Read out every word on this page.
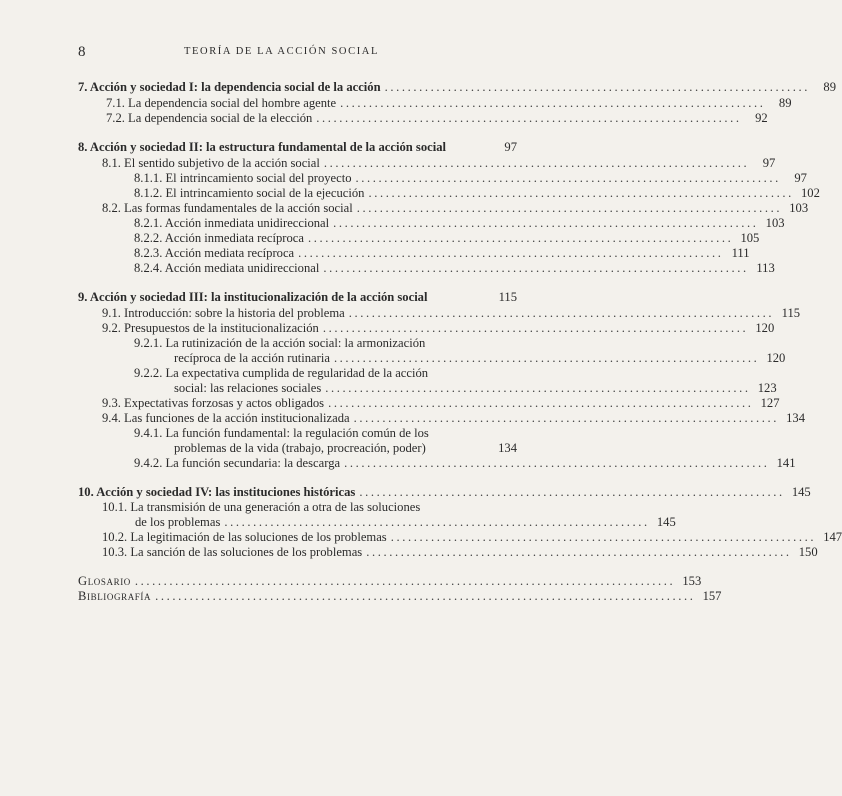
8	TEORÍA DE LA ACCIÓN SOCIAL
7. Acción y sociedad I: la dependencia social de la acción ..........................................................................	89
7.1. La dependencia social del hombre agente ..........................................................................	89
7.2. La dependencia social de la elección ..........................................................................	92
8. Acción y sociedad II: la estructura fundamental de la acción social	97
8.1. El sentido subjetivo de la acción social ..........................................................................	97
8.1.1. El intrincamiento social del proyecto ..........................................................................	97
8.1.2. El intrincamiento social de la ejecución .......................................................................... 102
8.2. Las formas fundamentales de la acción social .......................................................................... 103
8.2.1. Acción inmediata unidireccional .......................................................................... 103
8.2.2. Acción inmediata recíproca .......................................................................... 105
8.2.3. Acción mediata recíproca .......................................................................... 111
8.2.4. Acción mediata unidireccional .......................................................................... 113
9. Acción y sociedad III: la institucionalización de la acción social	115
9.1. Introducción: sobre la historia del problema .......................................................................... 115
9.2. Presupuestos de la institucionalización .......................................................................... 120
9.2.1. La rutinización de la acción social: la armonización
recíproca de la acción rutinaria .......................................................................... 120
9.2.2. La expectativa cumplida de regularidad de la acción
social: las relaciones sociales .......................................................................... 123
9.3. Expectativas forzosas y actos obligados .......................................................................... 127
9.4. Las funciones de la acción institucionalizada .......................................................................... 134
9.4.1. La función fundamental: la regulación común de los
problemas de la vida (trabajo, procreación, poder)	134
9.4.2. La función secundaria: la descarga .......................................................................... 141
10. Acción y sociedad IV: las instituciones históricas .......................................................................... 145
10.1. La transmisión de una generación a otra de las soluciones
de los problemas .......................................................................... 145
10.2. La legitimación de las soluciones de los problemas .......................................................................... 147
10.3. La sanción de las soluciones de los problemas .......................................................................... 150
Glosario .............................................................................................. 153
Bibliografía .............................................................................................. 157
